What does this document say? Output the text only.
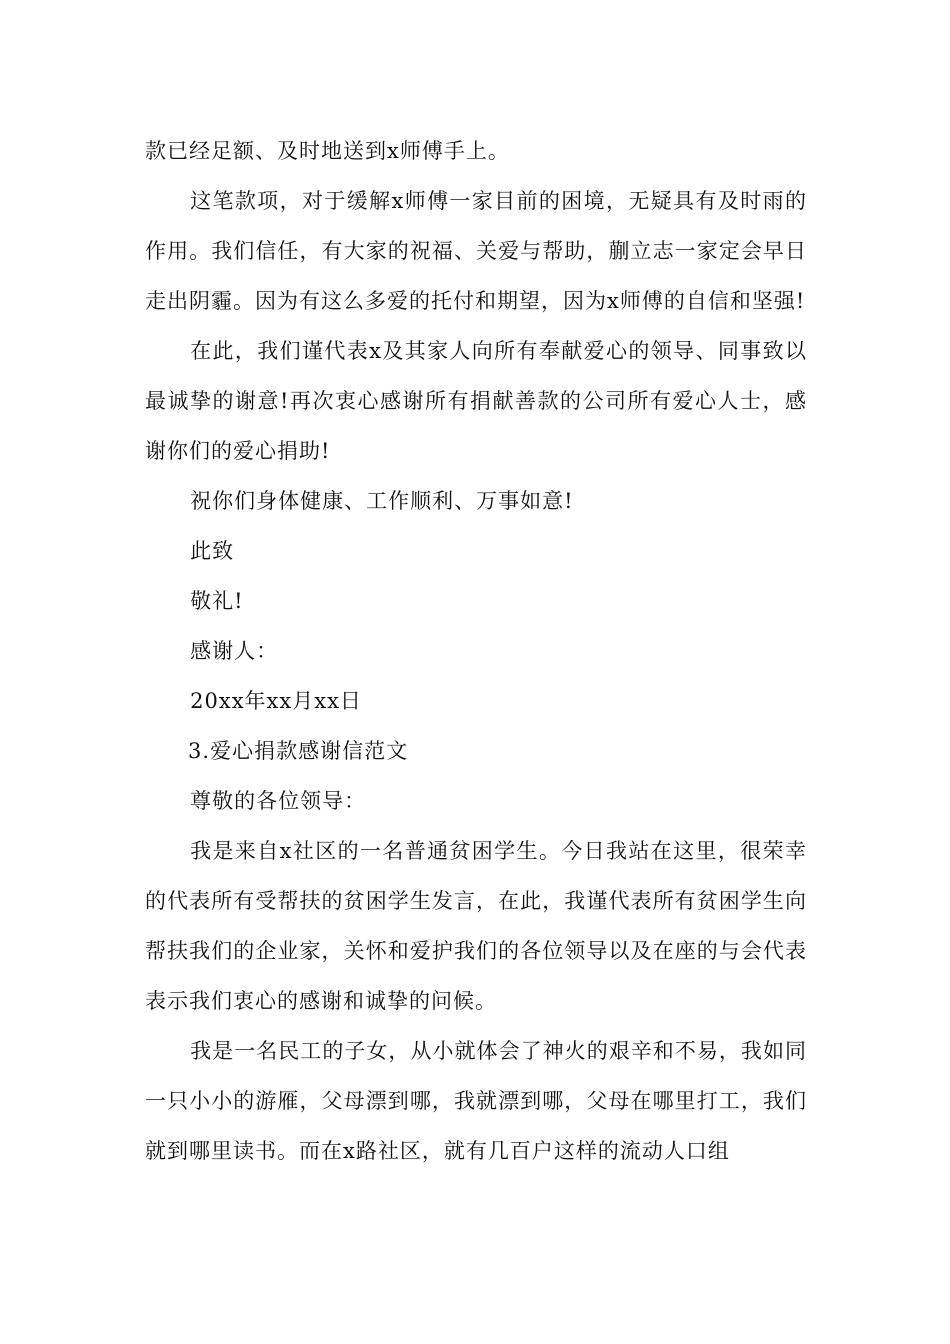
款已经足额、及时地送到x师傅手上。

这笔款项，对于缓解x师傅一家目前的困境，无疑具有及时雨的作用。我们信任，有大家的祝福、关爱与帮助，蒯立志一家定会早日走出阴霾。因为有这么多爱的托付和期望，因为x师傅的自信和坚强!

在此，我们谨代表x及其家人向所有奉献爱心的领导、同事致以最诚挚的谢意!再次衷心感谢所有捐献善款的公司所有爱心人士，感谢你们的爱心捐助!

祝你们身体健康、工作顺利、万事如意!

此致

敬礼!

感谢人：

20xx年xx月xx日

3.爱心捐款感谢信范文

尊敬的各位领导：

我是来自x社区的一名普通贫困学生。今日我站在这里，很荣幸的代表所有受帮扶的贫困学生发言，在此，我谨代表所有贫困学生向帮扶我们的企业家，关怀和爱护我们的各位领导以及在座的与会代表表示我们衷心的感谢和诚挚的问候。

我是一名民工的子女，从小就体会了神火的艰辛和不易，我如同一只小小的游雁，父母漂到哪，我就漂到哪，父母在哪里打工，我们就到哪里读书。而在x路社区，就有几百户这样的流动人口组
